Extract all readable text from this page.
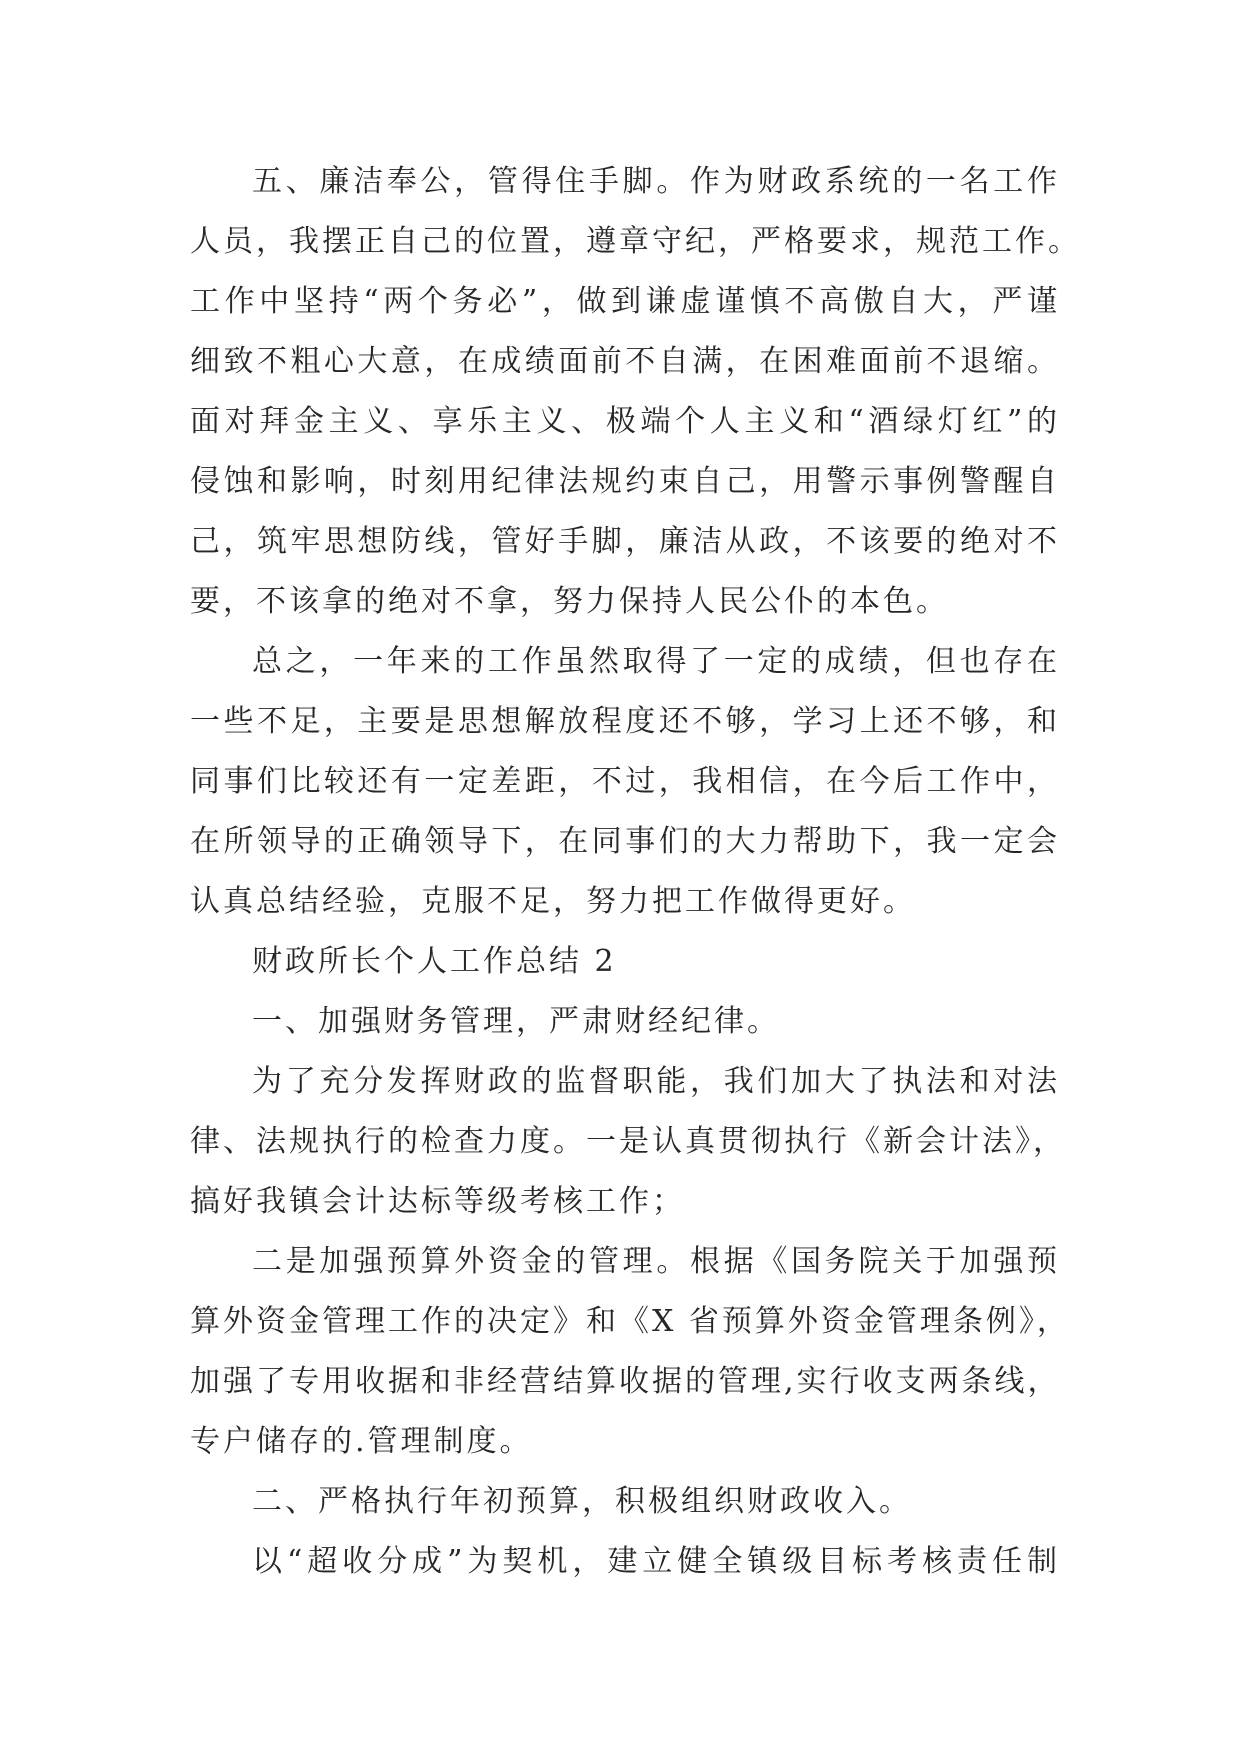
五、廉洁奉公，管得住手脚。作为财政系统的一名工作
人员，我摆正自己的位置，遵章守纪，严格要求，规范工作。
工作中坚持“两个务必”，做到谦虚谨慎不高傲自大，严谨
细致不粗心大意，在成绩面前不自满，在困难面前不退缩。
面对拜金主义、享乐主义、极端个人主义和“酒绿灯红”的
侵蚀和影响，时刻用纪律法规约束自己，用警示事例警醒自
己，筑牢思想防线，管好手脚，廉洁从政，不该要的绝对不
要，不该拿的绝对不拿，努力保持人民公仆的本色。
总之，一年来的工作虽然取得了一定的成绩，但也存在
一些不足，主要是思想解放程度还不够，学习上还不够，和
同事们比较还有一定差距，不过，我相信，在今后工作中，
在所领导的正确领导下，在同事们的大力帮助下，我一定会
认真总结经验，克服不足，努力把工作做得更好。
财政所长个人工作总结 2
一、加强财务管理，严肃财经纪律。
为了充分发挥财政的监督职能，我们加大了执法和对法
律、法规执行的检查力度。一是认真贯彻执行《新会计法》，
搞好我镇会计达标等级考核工作；
二是加强预算外资金的管理。根据《国务院关于加强预
算外资金管理工作的决定》和《X 省预算外资金管理条例》，
加强了专用收据和非经营结算收据的管理,实行收支两条线，
专户储存的.管理制度。
二、严格执行年初预算，积极组织财政收入。
以“超收分成”为契机，建立健全镇级目标考核责任制
